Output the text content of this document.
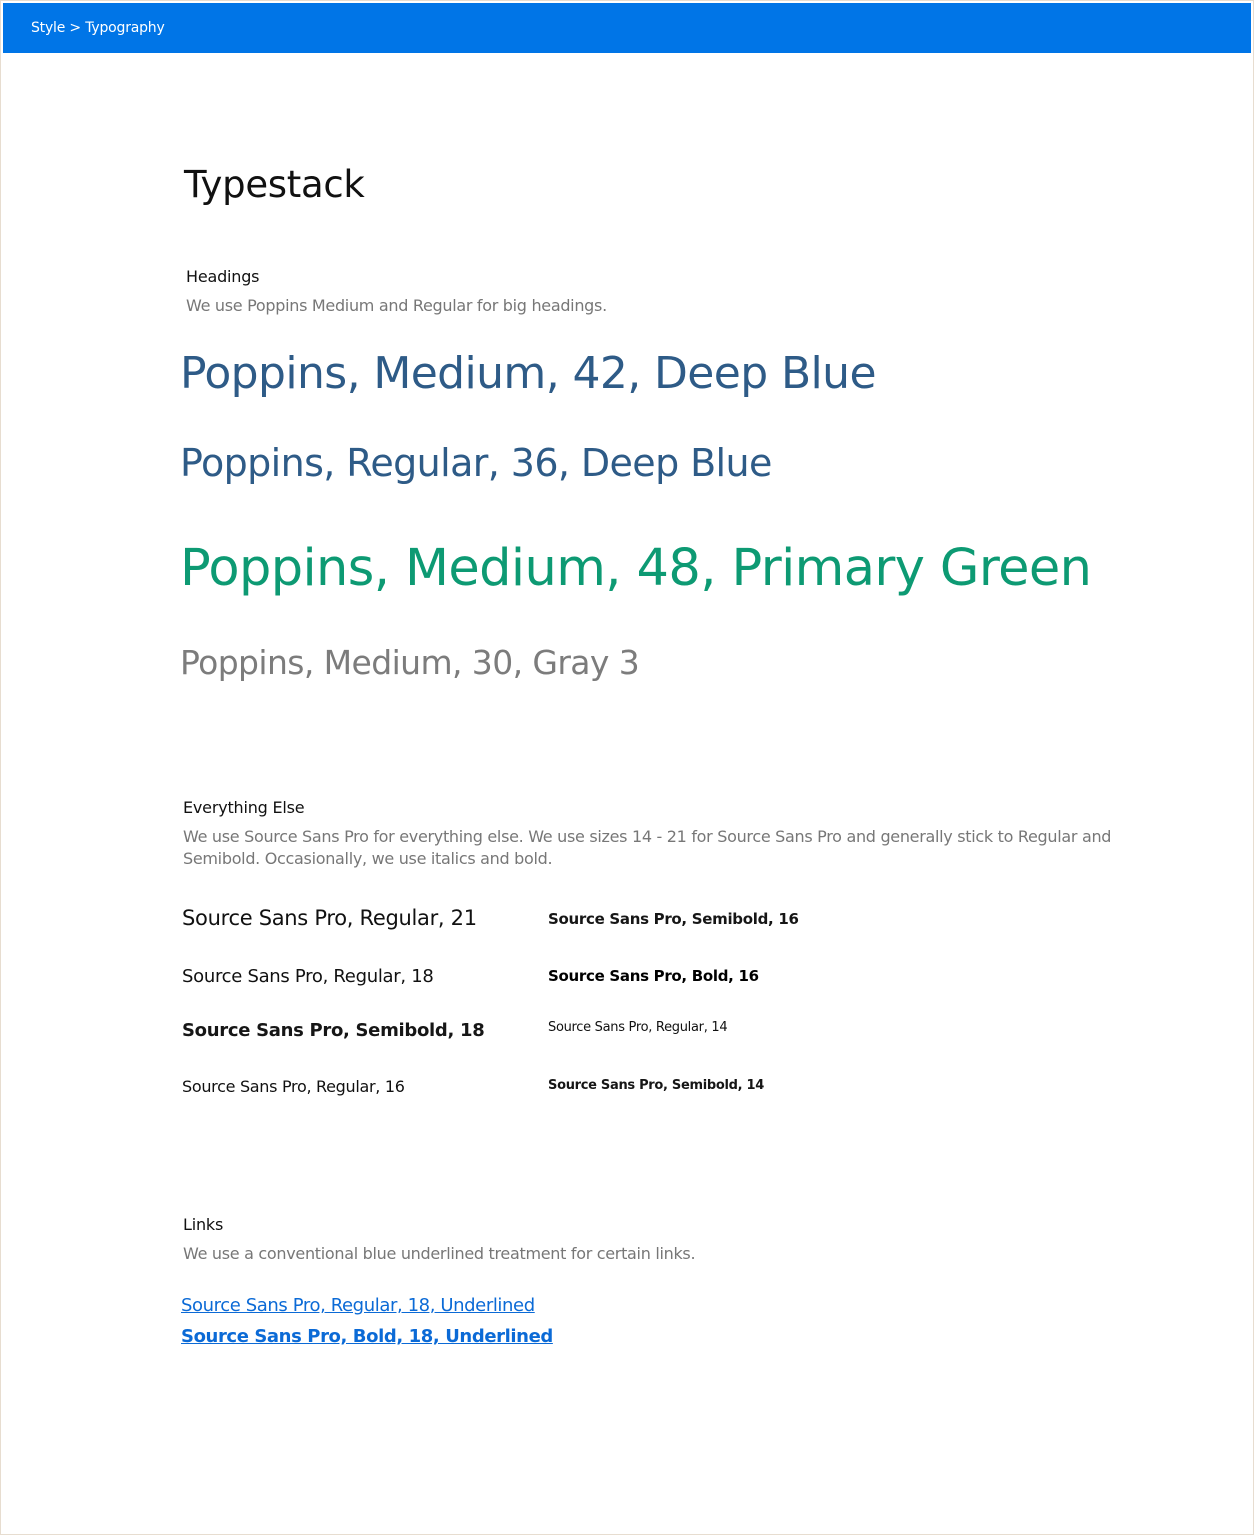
Style > Typography
Typestack
Headings
We use Poppins Medium and Regular for big headings.
Poppins, Medium, 42, Deep Blue
Poppins, Regular, 36, Deep Blue
Poppins, Medium, 48, Primary Green
Poppins, Medium, 30, Gray 3
Everything Else
We use Source Sans Pro for everything else. We use sizes 14 - 21 for Source Sans Pro and generally stick to Regular and
Semibold. Occasionally, we use italics and bold.
Source Sans Pro, Regular, 21
Source Sans Pro, Regular, 18
Source Sans Pro, Semibold, 18
Source Sans Pro, Regular, 16
Source Sans Pro, Semibold, 16
Source Sans Pro, Bold, 16
Source Sans Pro, Regular, 14
Source Sans Pro, Semibold, 14
Links
We use a conventional blue underlined treatment for certain links.
Source Sans Pro, Regular, 18, Underlined
Source Sans Pro, Bold, 18, Underlined
